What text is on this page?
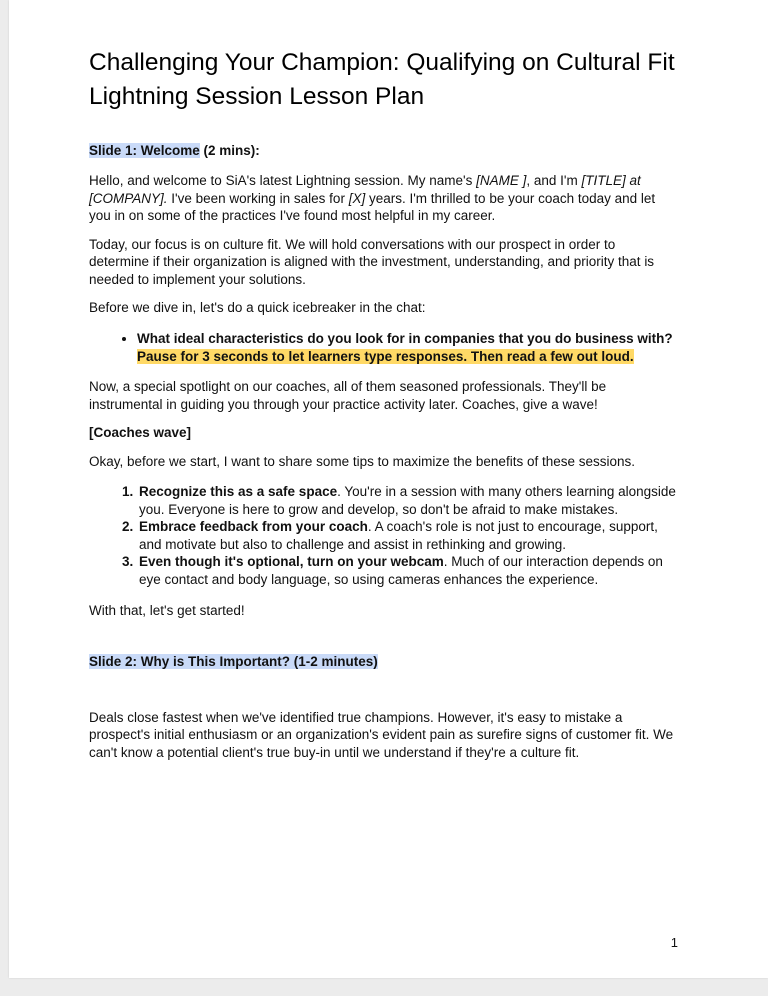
Challenging Your Champion: Qualifying on Cultural Fit Lightning Session Lesson Plan

Slide 1: Welcome (2 mins):

Hello, and welcome to SiA's latest Lightning session. My name's [NAME ], and I'm [TITLE] at [COMPANY]. I've been working in sales for [X] years. I'm thrilled to be your coach today and let you in on some of the practices I've found most helpful in my career.

Today, our focus is on culture fit. We will hold conversations with our prospect in order to determine if their organization is aligned with the investment, understanding, and priority that is needed to implement your solutions.

Before we dive in, let's do a quick icebreaker in the chat:

• What ideal characteristics do you look for in companies that you do business with? Pause for 3 seconds to let learners type responses. Then read a few out loud.

Now, a special spotlight on our coaches, all of them seasoned professionals. They'll be instrumental in guiding you through your practice activity later. Coaches, give a wave!

[Coaches wave]

Okay, before we start, I want to share some tips to maximize the benefits of these sessions.

1. Recognize this as a safe space. You're in a session with many others learning alongside you. Everyone is here to grow and develop, so don't be afraid to make mistakes.
2. Embrace feedback from your coach. A coach's role is not just to encourage, support, and motivate but also to challenge and assist in rethinking and growing.
3. Even though it's optional, turn on your webcam. Much of our interaction depends on eye contact and body language, so using cameras enhances the experience.

With that, let's get started!

Slide 2: Why is This Important? (1-2 minutes)

Deals close fastest when we've identified true champions. However, it's easy to mistake a prospect's initial enthusiasm or an organization's evident pain as surefire signs of customer fit. We can't know a potential client's true buy-in until we understand if they're a culture fit.

1
